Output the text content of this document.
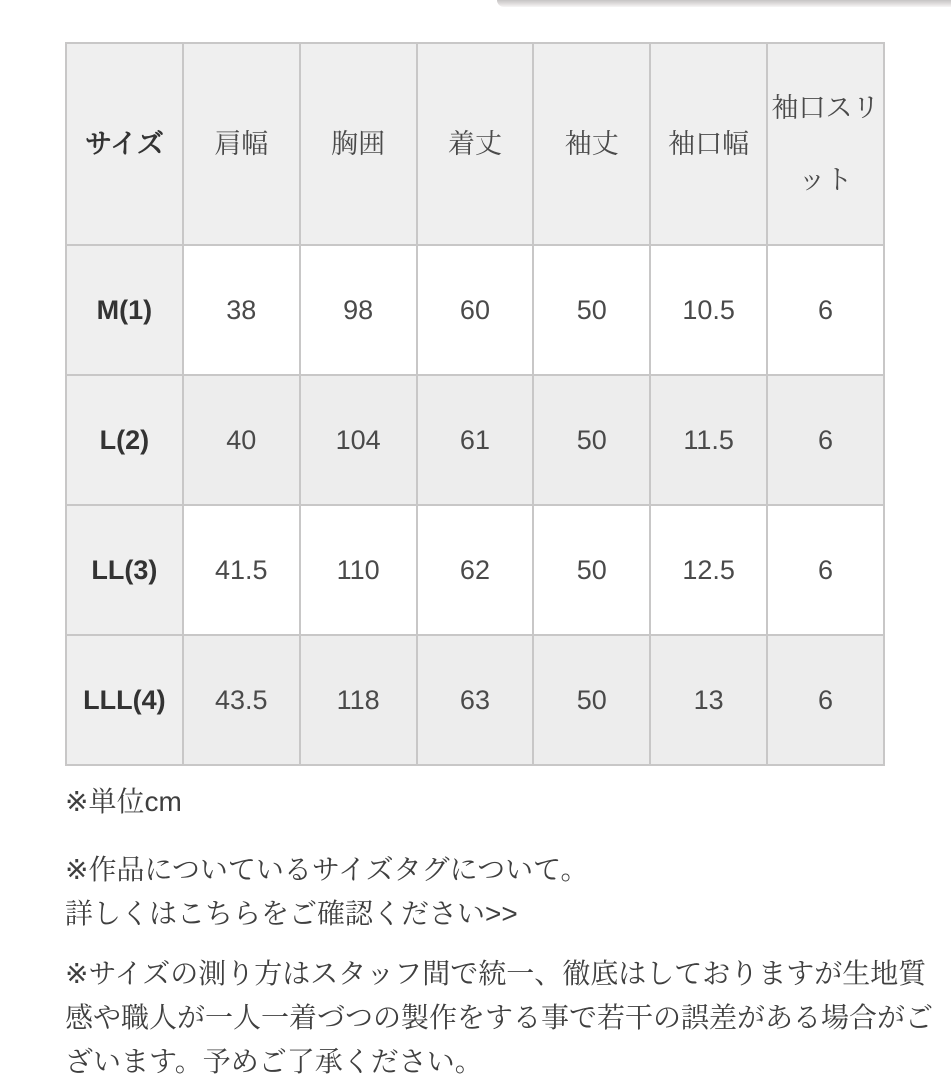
サイズ	肩幅	胸囲	着丈	袖丈	袖口幅	袖口スリット
M(1)	38	98	60	50	10.5	6
L(2)	40	104	61	50	11.5	6
LL(3)	41.5	110	62	50	12.5	6
LLL(4)	43.5	118	63	50	13	6

※単位cm

※作品についているサイズタグについて。
詳しくはこちらをご確認ください>>

※サイズの測り方はスタッフ間で統一、徹底はしておりますが生地質感や職人が一人一着づつの製作をする事で若干の誤差がある場合がございます。予めご了承ください。
